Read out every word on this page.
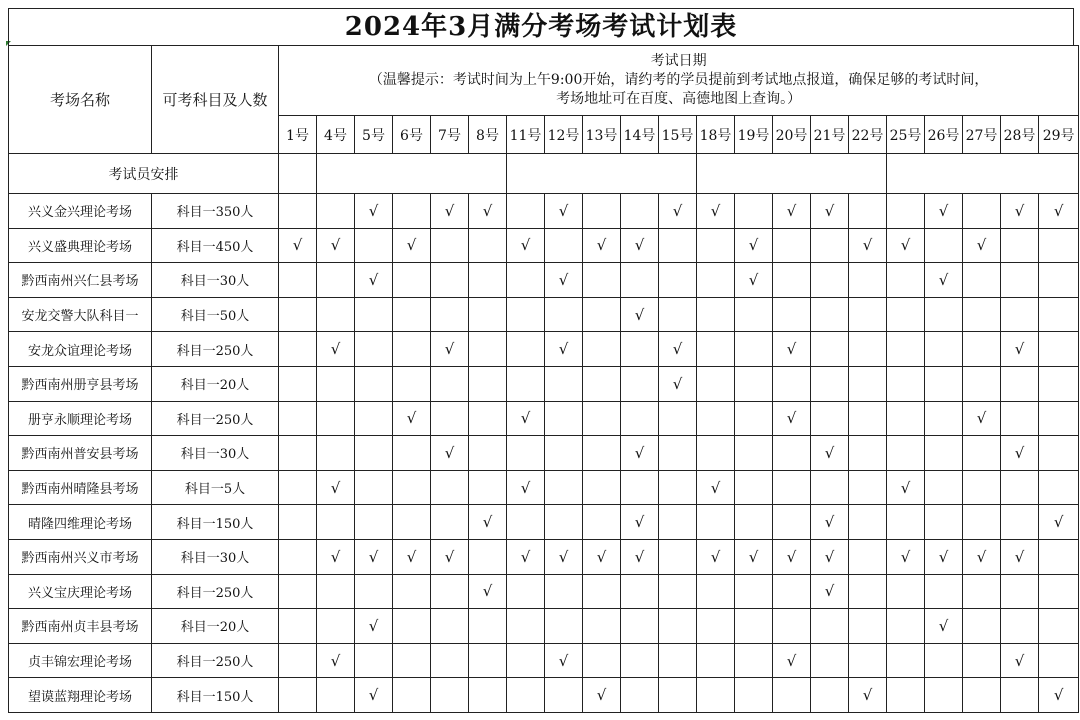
2024年3月满分考场考试计划表
考场名称	可考科目及人数	考试日期
（温馨提示：考试时间为上午9:00开始，请约考的学员提前到考试地点报道，确保足够的考试时间，
考场地址可在百度、高德地图上查询。）																				

		1号	4号	5号	6号	7号	8号	11号	12号	13号	14号	15号	18号	19号	20号	21号	22号	25号	26号	27号	28号	29号
考试员安排																						
兴义金兴理论考场	科目一350人			√		√	√		√			√	√		√	√			√		√	√
兴义盛典理论考场	科目一450人	√	√		√			√		√	√			√			√	√		√		
黔西南州兴仁县考场	科目一30人			√					√					√					√			
安龙交警大队科目一	科目一50人										√											
安龙众谊理论考场	科目一250人		√			√			√			√			√						√	
黔西南州册亨县考场	科目一20人											√										
册亨永顺理论考场	科目一250人				√			√							√					√		
黔西南州普安县考场	科目一30人					√					√					√					√	
黔西南州晴隆县考场	科目一5人		√					√					√					√				
晴隆四维理论考场	科目一150人						√				√					√						√
黔西南州兴义市考场	科目一30人		√	√	√	√		√	√	√	√		√	√	√	√		√	√	√	√	
兴义宝庆理论考场	科目一250人						√									√						
黔西南州贞丰县考场	科目一20人			√															√			
贞丰锦宏理论考场	科目一250人		√						√						√						√	
望谟蓝翔理论考场	科目一150人			√						√							√					√
